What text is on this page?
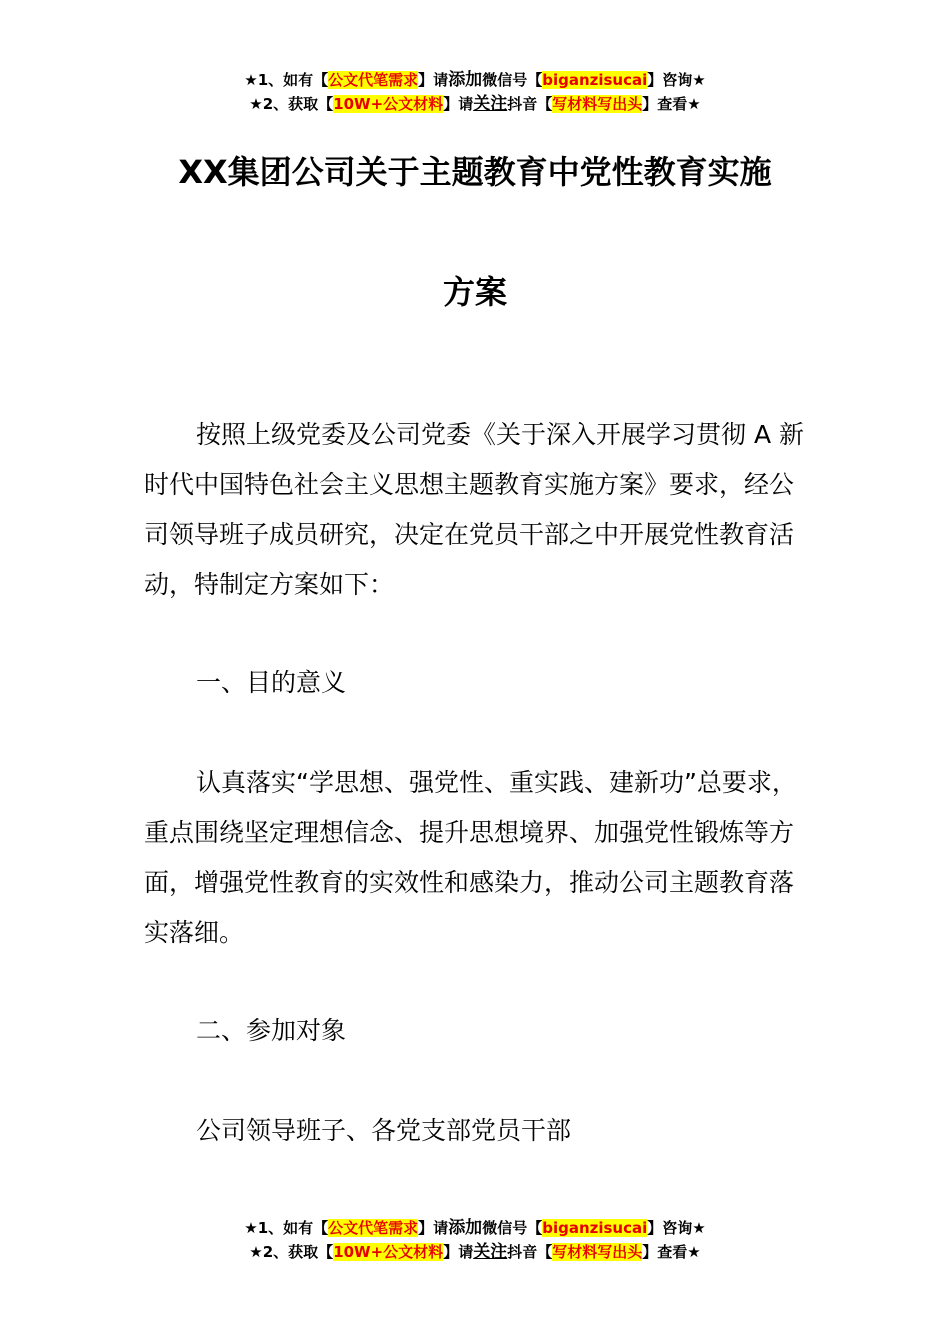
★1、如有【公文代笔需求】请添加微信号【biganzisucai】咨询★
★2、获取【10W+公文材料】请关注抖音【写材料写出头】查看★
XX集团公司关于主题教育中党性教育实施
方案
按照上级党委及公司党委《关于深入开展学习贯彻 A 新时代中国特色社会主义思想主题教育实施方案》要求，经公司领导班子成员研究，决定在党员干部之中开展党性教育活动，特制定方案如下：
一、目的意义
认真落实“学思想、强党性、重实践、建新功”总要求，重点围绕坚定理想信念、提升思想境界、加强党性锻炼等方面，增强党性教育的实效性和感染力，推动公司主题教育落实落细。
二、参加对象
公司领导班子、各党支部党员干部
★1、如有【公文代笔需求】请添加微信号【biganzisucai】咨询★
★2、获取【10W+公文材料】请关注抖音【写材料写出头】查看★
